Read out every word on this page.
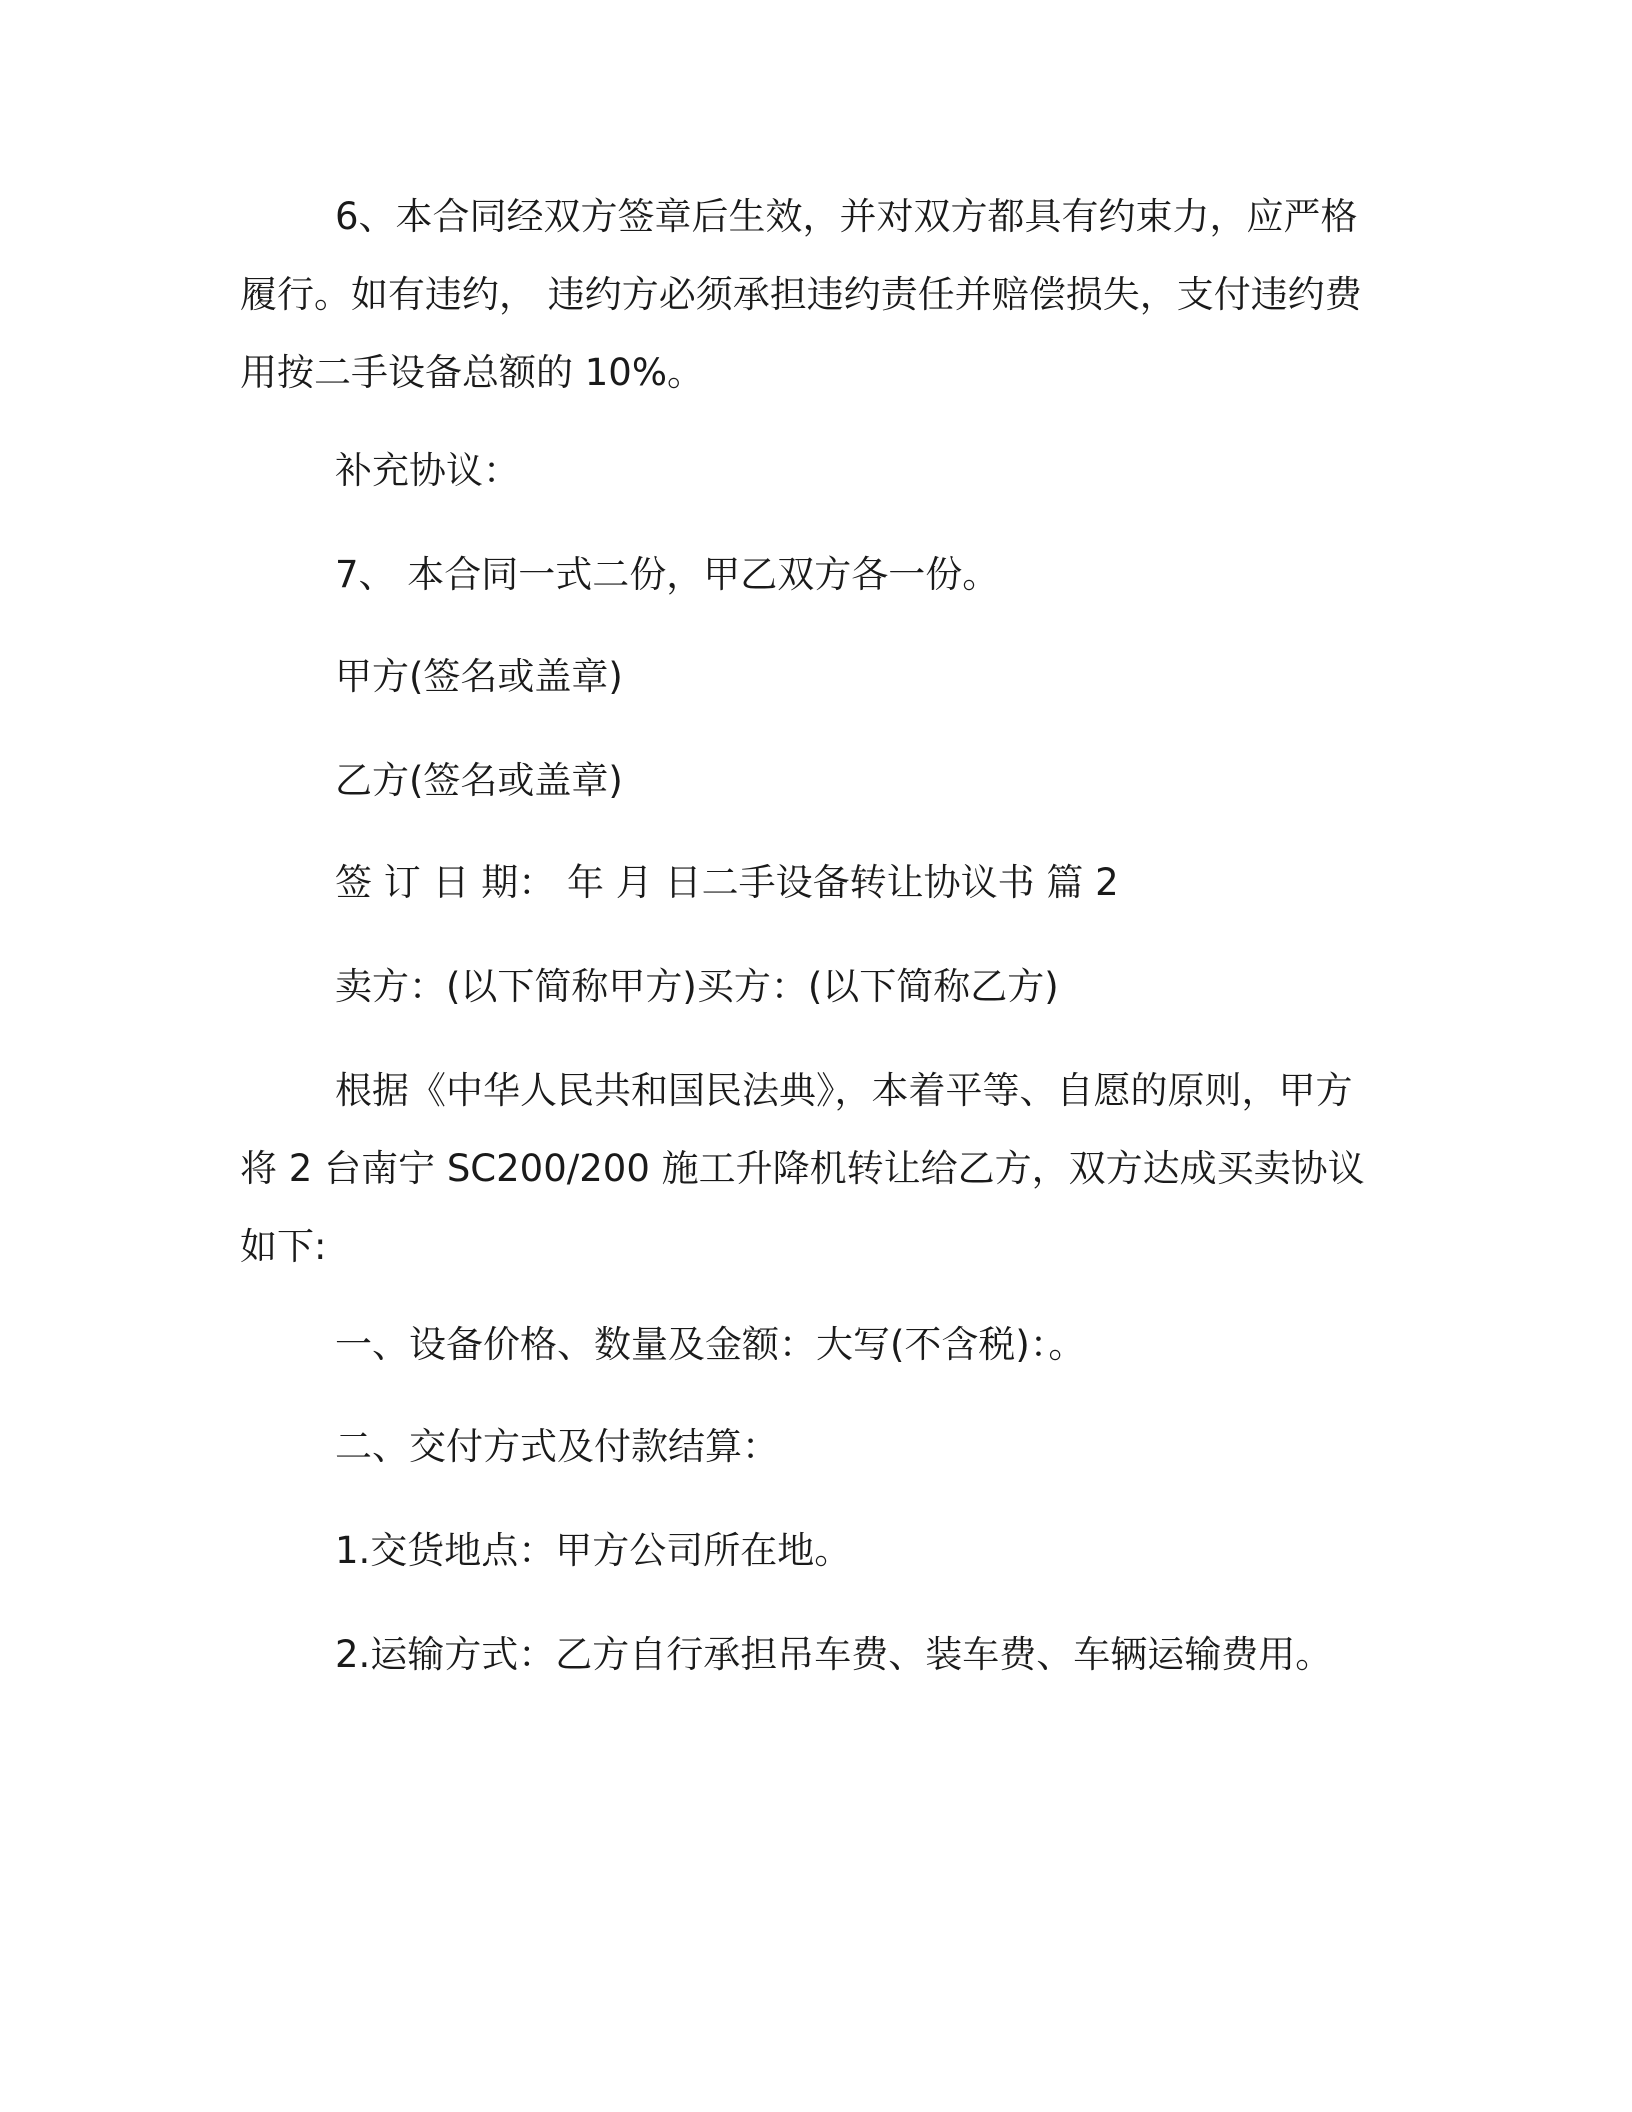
6、本合同经双方签章后生效，并对双方都具有约束力，应严格履行。如有违约， 违约方必须承担违约责任并赔偿损失，支付违约费用按二手设备总额的 10%。

补充协议：

7、 本合同一式二份，甲乙双方各一份。

甲方(签名或盖章)

乙方(签名或盖章)

签 订 日 期： 年 月 日二手设备转让协议书 篇 2

卖方：(以下简称甲方)买方：(以下简称乙方)

根据《中华人民共和国民法典》，本着平等、自愿的原则，甲方将 2 台南宁 SC200/200 施工升降机转让给乙方，双方达成买卖协议如下:

一、设备价格、数量及金额：大写(不含税)：。

二、交付方式及付款结算：

1.交货地点：甲方公司所在地。

2.运输方式：乙方自行承担吊车费、装车费、车辆运输费用。
